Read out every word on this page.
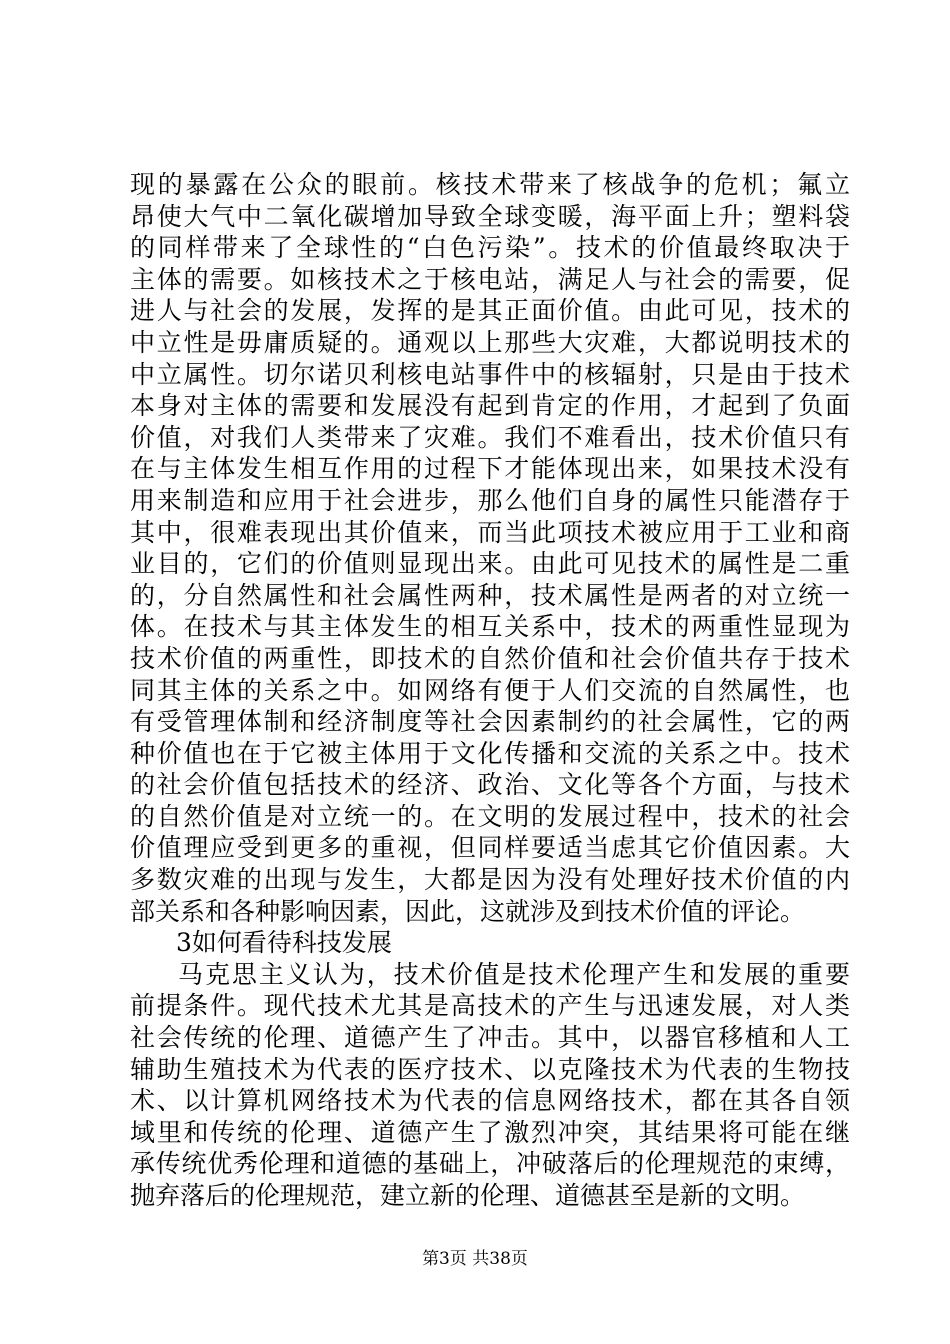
现的暴露在公众的眼前。核技术带来了核战争的危机；氟立
昂使大气中二氧化碳增加导致全球变暖，海平面上升；塑料袋
的同样带来了全球性的“白色污染”。技术的价值最终取决于
主体的需要。如核技术之于核电站，满足人与社会的需要，促
进人与社会的发展，发挥的是其正面价值。由此可见，技术的
中立性是毋庸质疑的。通观以上那些大灾难，大都说明技术的
中立属性。切尔诺贝利核电站事件中的核辐射，只是由于技术
本身对主体的需要和发展没有起到肯定的作用，才起到了负面
价值，对我们人类带来了灾难。我们不难看出，技术价值只有
在与主体发生相互作用的过程下才能体现出来，如果技术没有
用来制造和应用于社会进步，那么他们自身的属性只能潜存于
其中，很难表现出其价值来，而当此项技术被应用于工业和商
业目的，它们的价值则显现出来。由此可见技术的属性是二重
的，分自然属性和社会属性两种，技术属性是两者的对立统一
体。在技术与其主体发生的相互关系中，技术的两重性显现为
技术价值的两重性，即技术的自然价值和社会价值共存于技术
同其主体的关系之中。如网络有便于人们交流的自然属性，也
有受管理体制和经济制度等社会因素制约的社会属性，它的两
种价值也在于它被主体用于文化传播和交流的关系之中。技术
的社会价值包括技术的经济、政治、文化等各个方面，与技术
的自然价值是对立统一的。在文明的发展过程中，技术的社会
价值理应受到更多的重视，但同样要适当虑其它价值因素。大
多数灾难的出现与发生，大都是因为没有处理好技术价值的内
部关系和各种影响因素，因此，这就涉及到技术价值的评论。
3如何看待科技发展
马克思主义认为，技术价值是技术伦理产生和发展的重要
前提条件。现代技术尤其是高技术的产生与迅速发展，对人类
社会传统的伦理、道德产生了冲击。其中，以器官移植和人工
辅助生殖技术为代表的医疗技术、以克隆技术为代表的生物技
术、以计算机网络技术为代表的信息网络技术，都在其各自领
域里和传统的伦理、道德产生了激烈冲突，其结果将可能在继
承传统优秀伦理和道德的基础上，冲破落后的伦理规范的束缚，
抛弃落后的伦理规范，建立新的伦理、道德甚至是新的文明。
第3页 共38页
